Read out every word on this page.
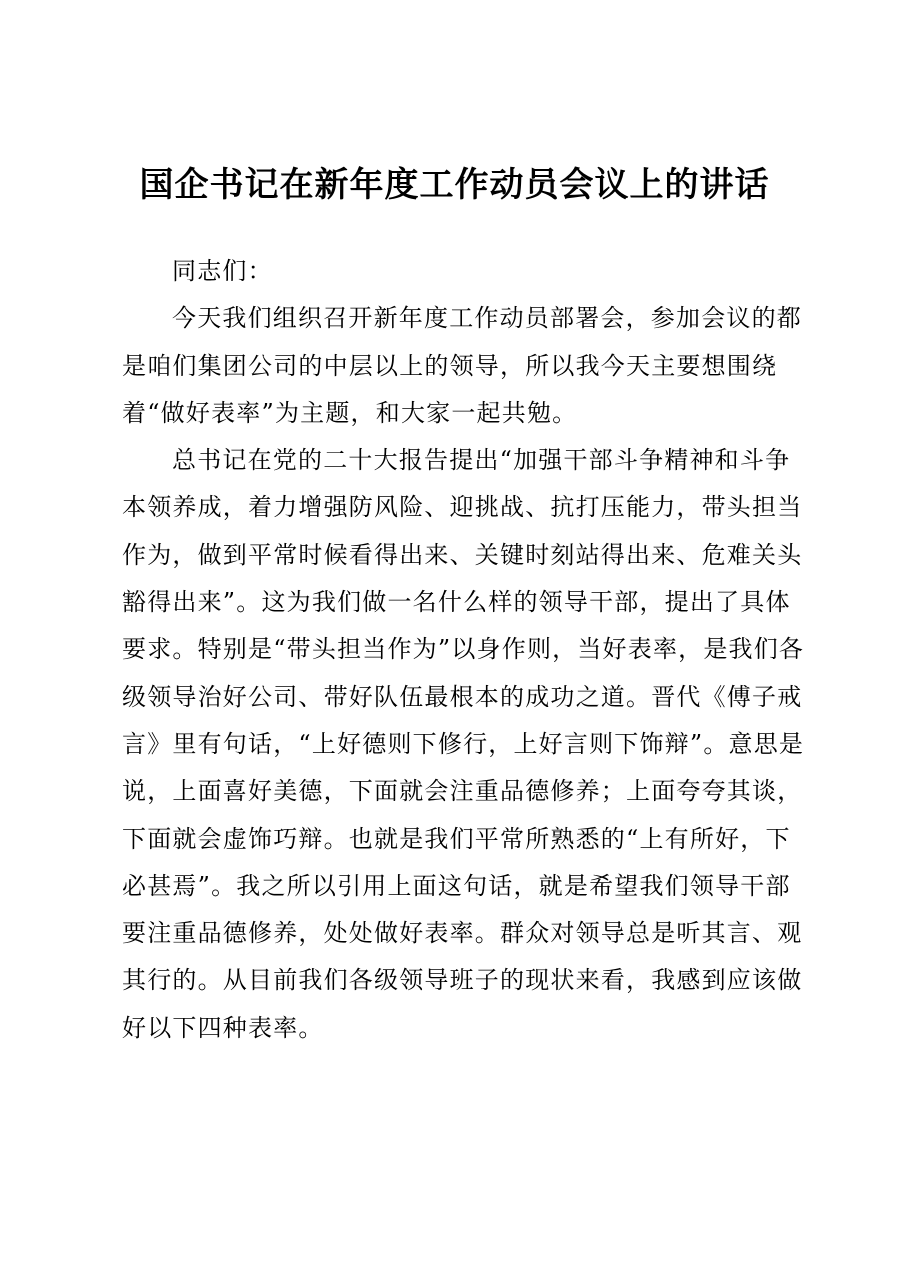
国企书记在新年度工作动员会议上的讲话

同志们：

今天我们组织召开新年度工作动员部署会，参加会议的都是咱们集团公司的中层以上的领导，所以我今天主要想围绕着“做好表率”为主题，和大家一起共勉。

总书记在党的二十大报告提出“加强干部斗争精神和斗争本领养成，着力增强防风险、迎挑战、抗打压能力，带头担当作为，做到平常时候看得出来、关键时刻站得出来、危难关头豁得出来”。这为我们做一名什么样的领导干部，提出了具体要求。特别是“带头担当作为”以身作则，当好表率，是我们各级领导治好公司、带好队伍最根本的成功之道。晋代《傅子戒言》里有句话，“上好德则下修行，上好言则下饰辩”。意思是说，上面喜好美德，下面就会注重品德修养；上面夸夸其谈，下面就会虚饰巧辩。也就是我们平常所熟悉的“上有所好，下必甚焉”。我之所以引用上面这句话，就是希望我们领导干部要注重品德修养，处处做好表率。群众对领导总是听其言、观其行的。从目前我们各级领导班子的现状来看，我感到应该做好以下四种表率。
